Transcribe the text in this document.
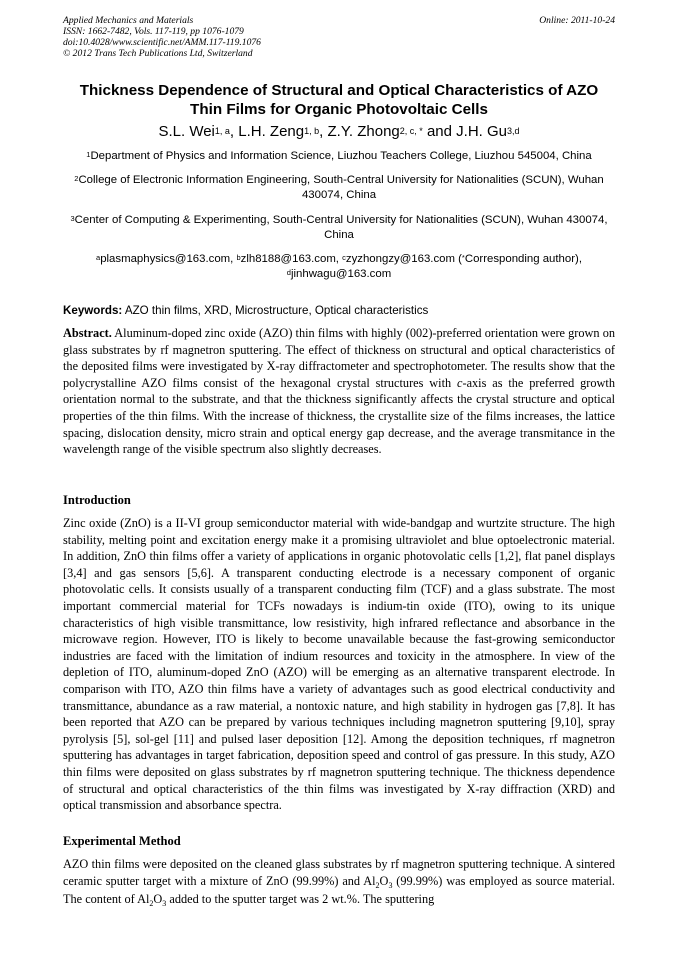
Applied Mechanics and Materials
ISSN: 1662-7482, Vols. 117-119, pp 1076-1079
doi:10.4028/www.scientific.net/AMM.117-119.1076
© 2012 Trans Tech Publications Ltd, Switzerland
Online: 2011-10-24
Thickness Dependence of Structural and Optical Characteristics of AZO
Thin Films for Organic Photovoltaic Cells
S.L. Wei$^{1, a}$, L.H. Zeng$^{1, b}$, Z.Y. Zhong$^{2, c, *}$ and J.H. Gu$^{3,d}$

$^1$Department of Physics and Information Science, Liuzhou Teachers College, Liuzhou 545004, China

$^2$College of Electronic Information Engineering, South-Central University for Nationalities (SCUN), Wuhan 430074, China

$^3$Center of Computing & Experimenting, South-Central University for Nationalities (SCUN), Wuhan 430074, China

$^a$plasmaphysics@163.com, $^b$zlh8188@163.com, $^c$zyzhongzy@163.com (*Corresponding author), $^d$jinhwagu@163.com

Keywords: AZO thin films, XRD, Microstructure, Optical characteristics

Abstract. Aluminum-doped zinc oxide (AZO) thin films with highly (002)-preferred orientation were grown on glass substrates by rf magnetron sputtering. The effect of thickness on structural and optical characteristics of the deposited films were investigated by X-ray diffractometer and spectrophotometer. The results show that the polycrystalline AZO films consist of the hexagonal crystal structures with c-axis as the preferred growth orientation normal to the substrate, and that the thickness significantly affects the crystal structure and optical properties of the thin films. With the increase of thickness, the crystallite size of the films increases, the lattice spacing, dislocation density, micro strain and optical energy gap decrease, and the average transmitance in the wavelength range of the visible spectrum also slightly decreases.

Introduction

Zinc oxide (ZnO) is a II-VI group semiconductor material with wide-bandgap and wurtzite structure. The high stability, melting point and excitation energy make it a promising ultraviolet and blue optoelectronic material. In addition, ZnO thin films offer a variety of applications in organic photovolatic cells [1,2], flat panel displays [3,4] and gas sensors [5,6]. A transparent conducting electrode is a necessary component of organic photovolatic cells. It consists usually of a transparent conducting film (TCF) and a glass substrate. The most important commercial material for TCFs nowadays is indium-tin oxide (ITO), owing to its unique characteristics of high visible transmittance, low resistivity, high infrared reflectance and absorbance in the microwave region. However, ITO is likely to become unavailable because the fast-growing semiconductor industries are faced with the limitation of indium resources and toxicity in the atmosphere. In view of the depletion of ITO, aluminum-doped ZnO (AZO) will be emerging as an alternative transparent electrode. In comparison with ITO, AZO thin films have a variety of advantages such as good electrical conductivity and transmittance, abundance as a raw material, a nontoxic nature, and high stability in hydrogen gas [7,8]. It has been reported that AZO can be prepared by various techniques including magnetron sputtering [9,10], spray pyrolysis [5], sol-gel [11] and pulsed laser deposition [12]. Among the deposition techniques, rf magnetron sputtering has advantages in target fabrication, deposition speed and control of gas pressure. In this study, AZO thin films were deposited on glass substrates by rf magnetron sputtering technique. The thickness dependence of structural and optical characteristics of the thin films was investigated by X-ray diffraction (XRD) and optical transmission and absorbance spectra.

Experimental Method

AZO thin films were deposited on the cleaned glass substrates by rf magnetron sputtering technique. A sintered ceramic sputter target with a mixture of ZnO (99.99%) and $Al_2O_3$ (99.99%) was employed as source material. The content of $Al_2O_3$ added to the sputter target was 2 wt.%. The sputtering
